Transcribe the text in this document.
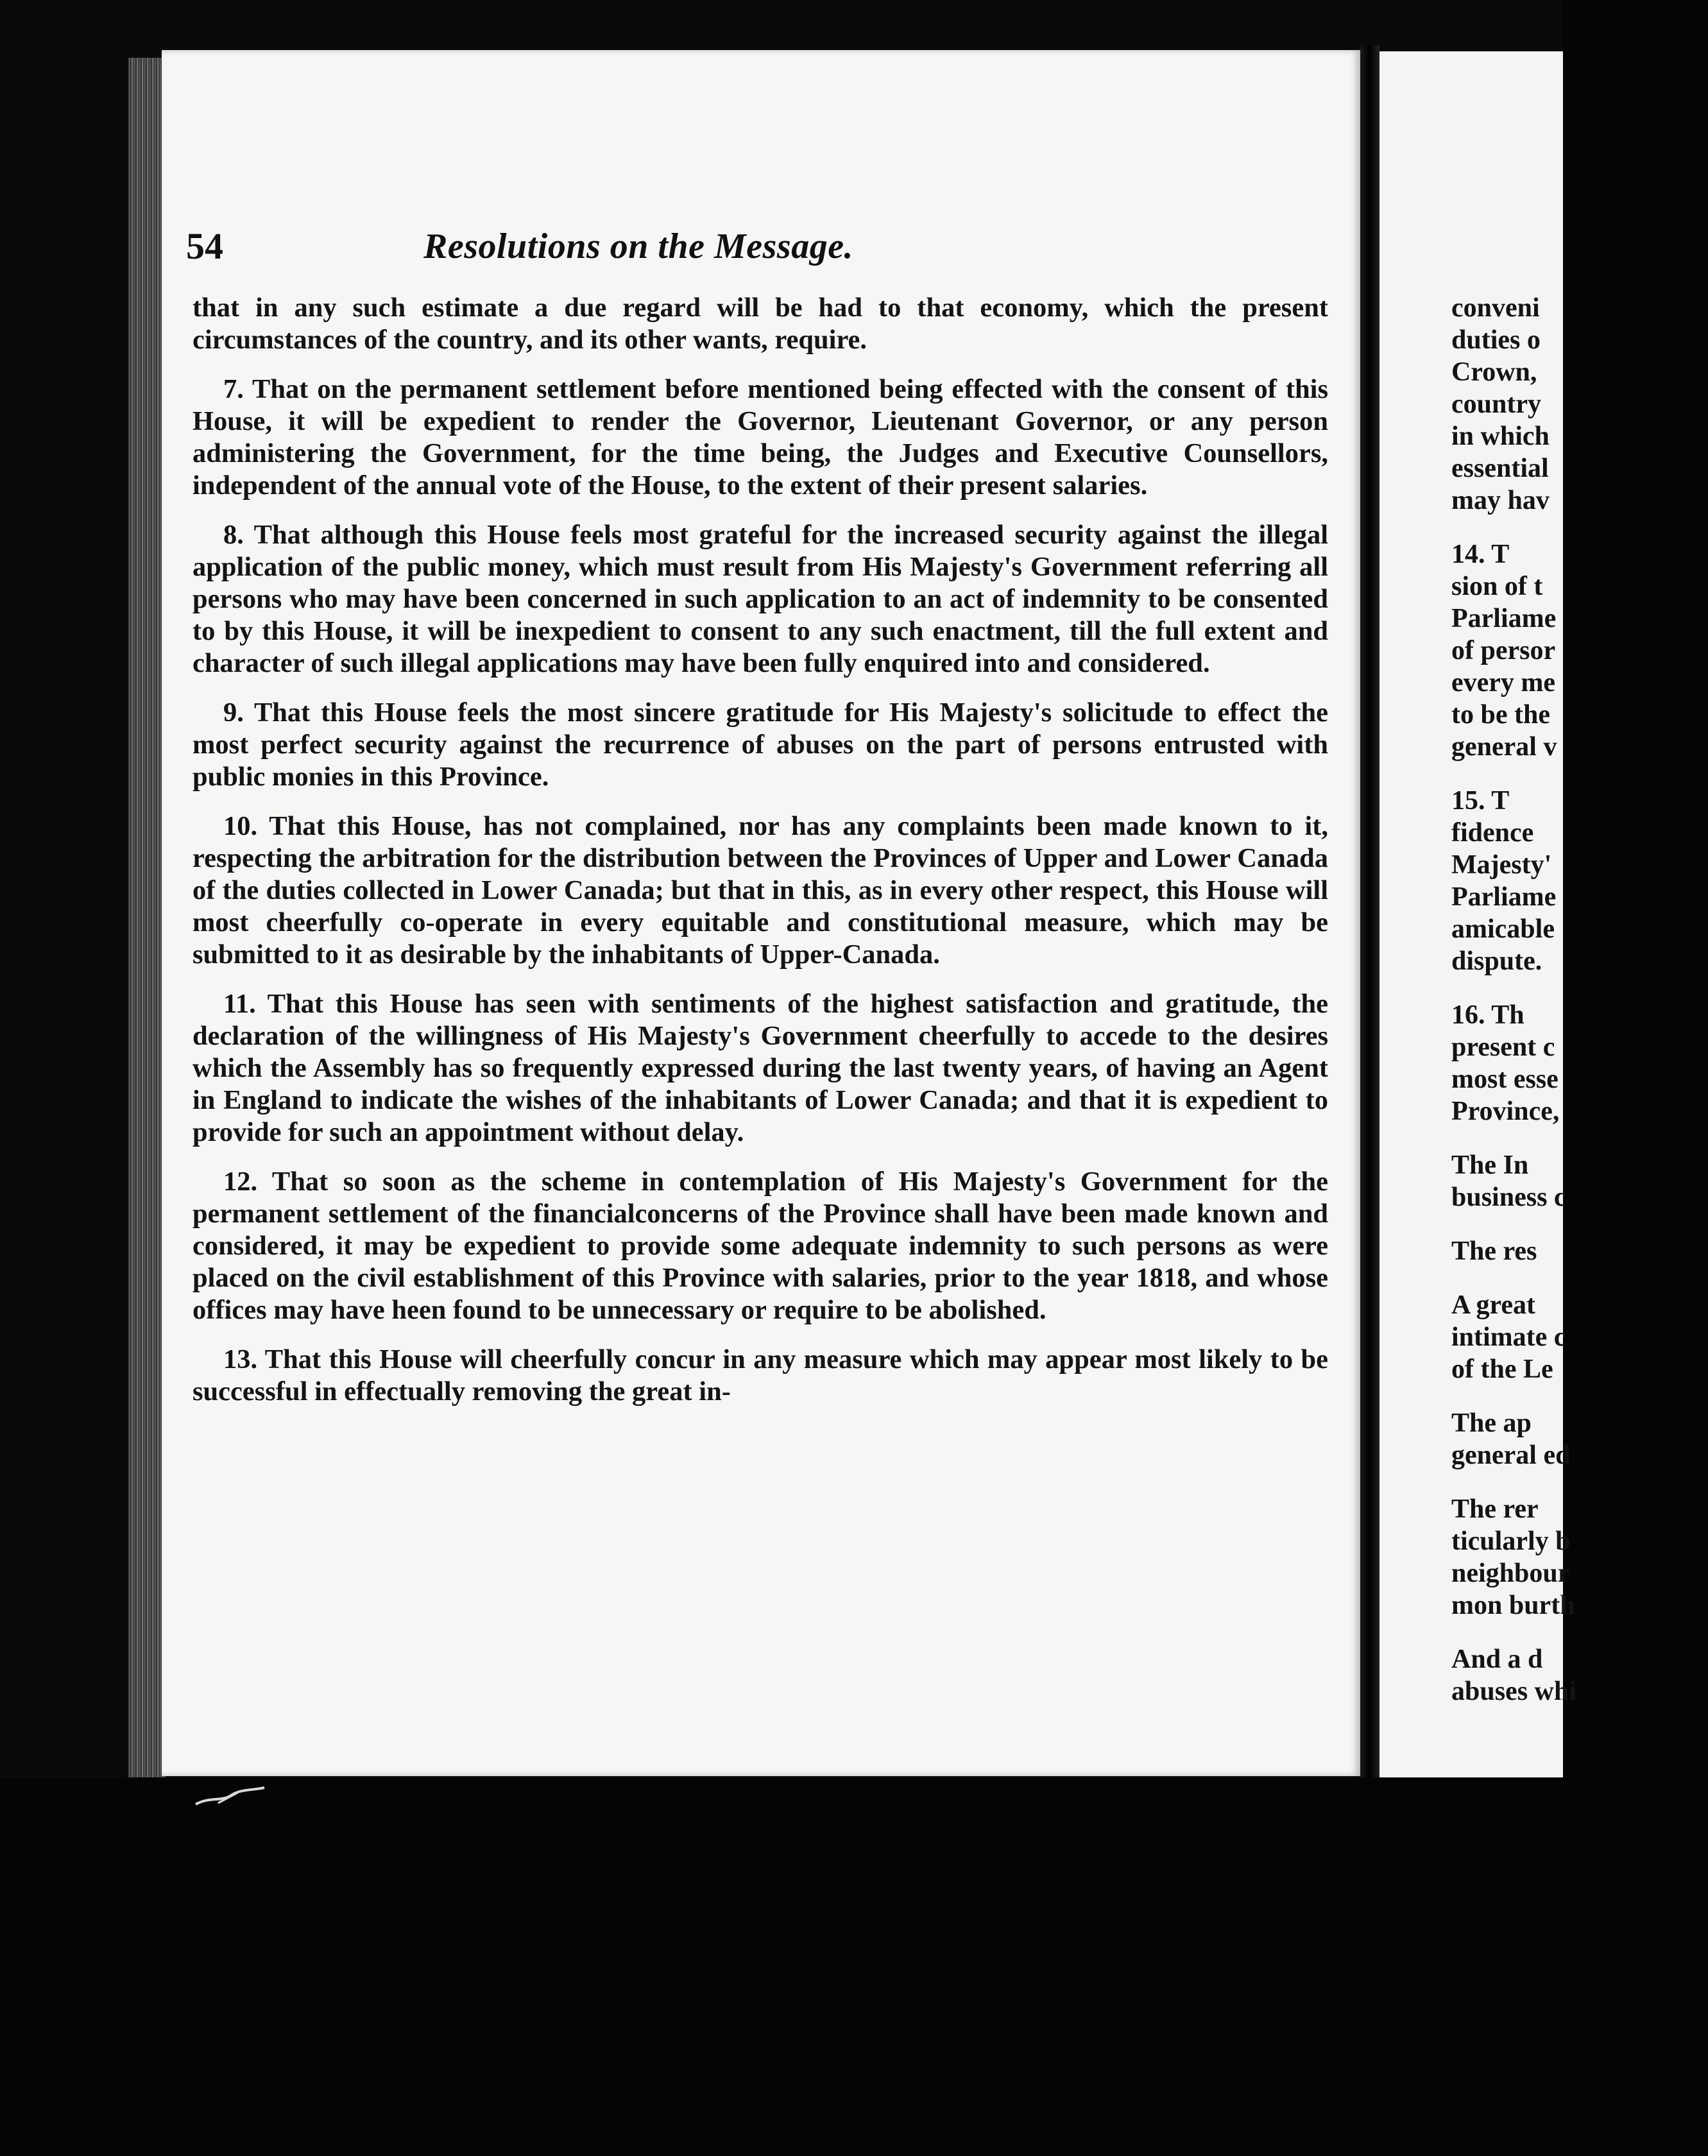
54	Resolutions on the Message.

that in any such estimate a due regard will be had to that economy, which the present circumstances of the country, and its other wants, require.

7. That on the permanent settlement before mentioned being effected with the consent of this House, it will be expedient to render the Governor, Lieutenant Governor, or any person administering the Government, for the time being, the Judges and Executive Counsellors, independent of the annual vote of the House, to the extent of their present salaries.

8. That although this House feels most grateful for the increased security against the illegal application of the public money, which must result from His Majesty's Government referring all persons who may have been concerned in such application to an act of indemnity to be consented to by this House, it will be inexpedient to consent to any such enactment, till the full extent and character of such illegal applications may have been fully enquired into and considered.

9. That this House feels the most sincere gratitude for His Majesty's solicitude to effect the most perfect security against the recurrence of abuses on the part of persons entrusted with public monies in this Province.

10. That this House, has not complained, nor has any complaints been made known to it, respecting the arbitration for the distribution between the Provinces of Upper and Lower Canada of the duties collected in Lower Canada; but that in this, as in every other respect, this House will most cheerfully co-operate in every equitable and constitutional measure, which may be submitted to it as desirable by the inhabitants of Upper-Canada.

11. That this House has seen with sentiments of the highest satisfaction and gratitude, the declaration of the willingness of His Majesty's Government cheerfully to accede to the desires which the Assembly has so frequently expressed during the last twenty years, of having an Agent in England to indicate the wishes of the inhabitants of Lower Canada; and that it is expedient to provide for such an appointment without delay.

12. That so soon as the scheme in contemplation of His Majesty's Government for the permanent settlement of the financialconcerns of the Province shall have been made known and considered, it may be expedient to provide some adequate indemnity to such persons as were placed on the civil establishment of this Province with salaries, prior to the year 1818, and whose offices may have heen found to be unnecessary or require to be abolished.

13. That this House will cheerfully concur in any measure which may appear most likely to be successful in effectually removing the great in-

conveni
duties o
Crown,
country
in which
essential
may hav
14. T
sion of t
Parliame
of persor
every me
to be the
general v
15. T
fidence
Majesty'
Parliame
amicable
dispute.
16. Th
present c
most esse
Province,
The In
business c
The res
A great
intimate c
of the Le
The ap
general ed
The rer
ticularly b
neighbour
mon burth
And a d
abuses whi
